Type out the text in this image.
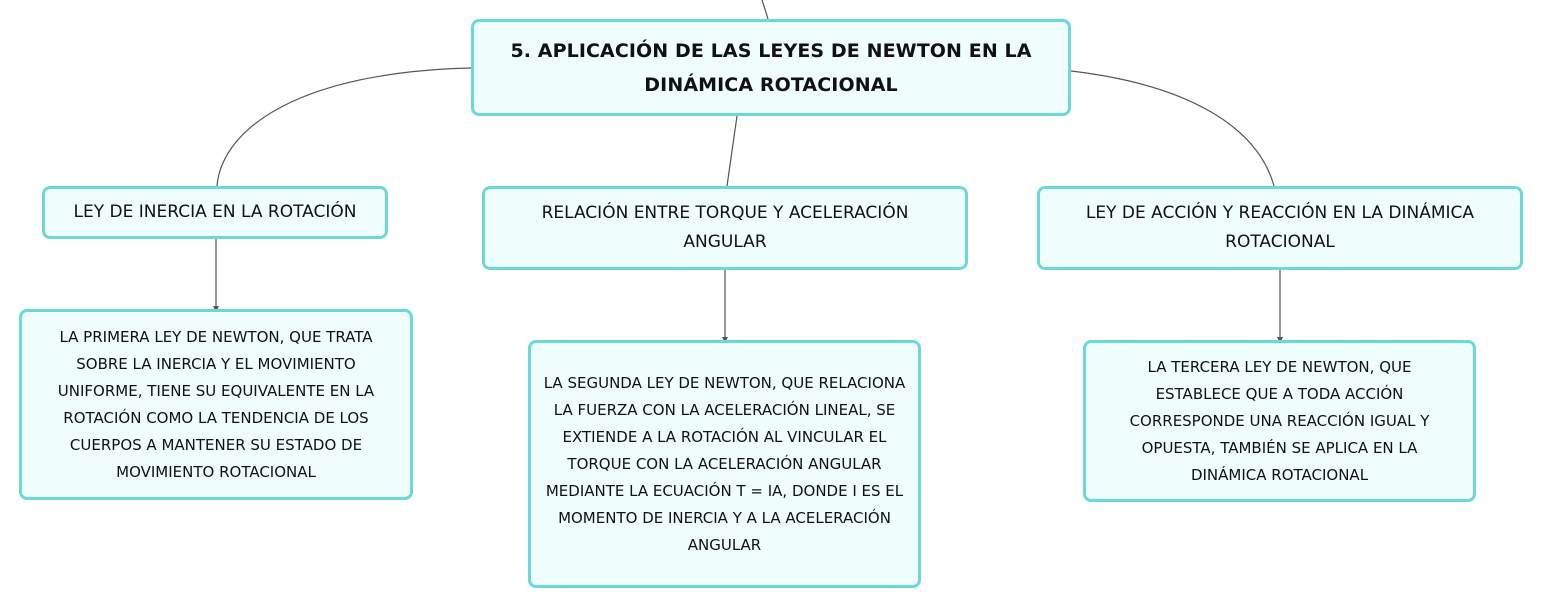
5. APLICACIÓN DE LAS LEYES DE NEWTON EN LA DINÁMICA ROTACIONAL
LEY DE INERCIA EN LA ROTACIÓN	RELACIÓN ENTRE TORQUE Y ACELERACIÓN ANGULAR
LEY DE ACCIÓN Y REACCIÓN EN LA DINÁMICA ROTACIONAL
LA PRIMERA LEY DE NEWTON, QUE TRATA SOBRE LA INERCIA Y EL MOVIMIENTO UNIFORME, TIENE SU EQUIVALENTE EN LA ROTACIÓN COMO LA TENDENCIA DE LOS CUERPOS A MANTENER SU ESTADO DE MOVIMIENTO ROTACIONAL
LA SEGUNDA LEY DE NEWTON, QUE RELACIONA LA FUERZA CON LA ACELERACIÓN LINEAL, SE EXTIENDE A LA ROTACIÓN AL VINCULAR EL TORQUE CON LA ACELERACIÓN ANGULAR MEDIANTE LA ECUACIÓN T = IA, DONDE I ES EL MOMENTO DE INERCIA Y A LA ACELERACIÓN ANGULAR
LA TERCERA LEY DE NEWTON, QUE ESTABLECE QUE A TODA ACCIÓN CORRESPONDE UNA REACCIÓN IGUAL Y OPUESTA, TAMBIÉN SE APLICA EN LA DINÁMICA ROTACIONAL
